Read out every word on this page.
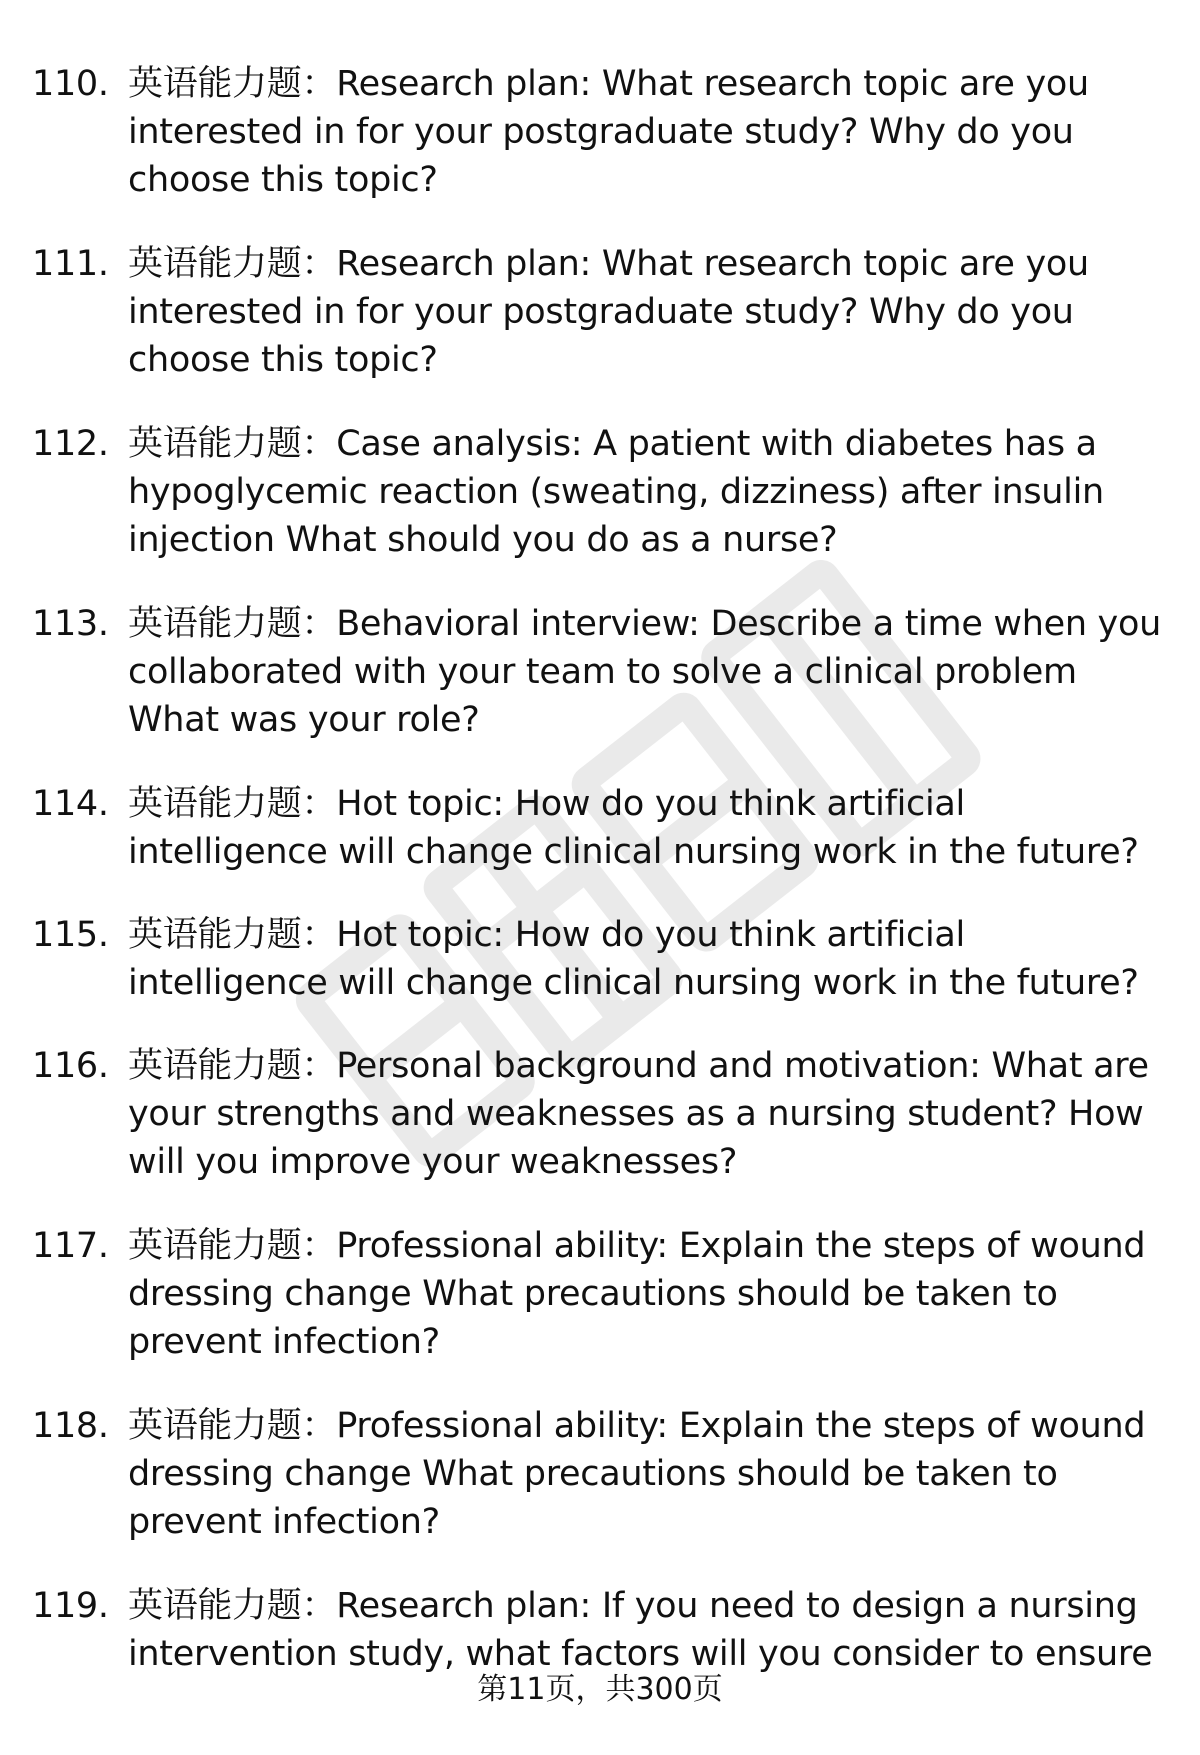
110. 英语能力题：Research plan: What research topic are you interested in for your postgraduate study? Why do you choose this topic?
111. 英语能力题：Research plan: What research topic are you interested in for your postgraduate study? Why do you choose this topic?
112. 英语能力题：Case analysis: A patient with diabetes has a hypoglycemic reaction (sweating, dizziness) after insulin injection What should you do as a nurse?
113. 英语能力题：Behavioral interview: Describe a time when you collaborated with your team to solve a clinical problem What was your role?
114. 英语能力题：Hot topic: How do you think artificial intelligence will change clinical nursing work in the future?
115. 英语能力题：Hot topic: How do you think artificial intelligence will change clinical nursing work in the future?
116. 英语能力题：Personal background and motivation: What are your strengths and weaknesses as a nursing student? How will you improve your weaknesses?
117. 英语能力题：Professional ability: Explain the steps of wound dressing change What precautions should be taken to prevent infection?
118. 英语能力题：Professional ability: Explain the steps of wound dressing change What precautions should be taken to prevent infection?
119. 英语能力题：Research plan: If you need to design a nursing intervention study, what factors will you consider to ensure
第11页，共300页
